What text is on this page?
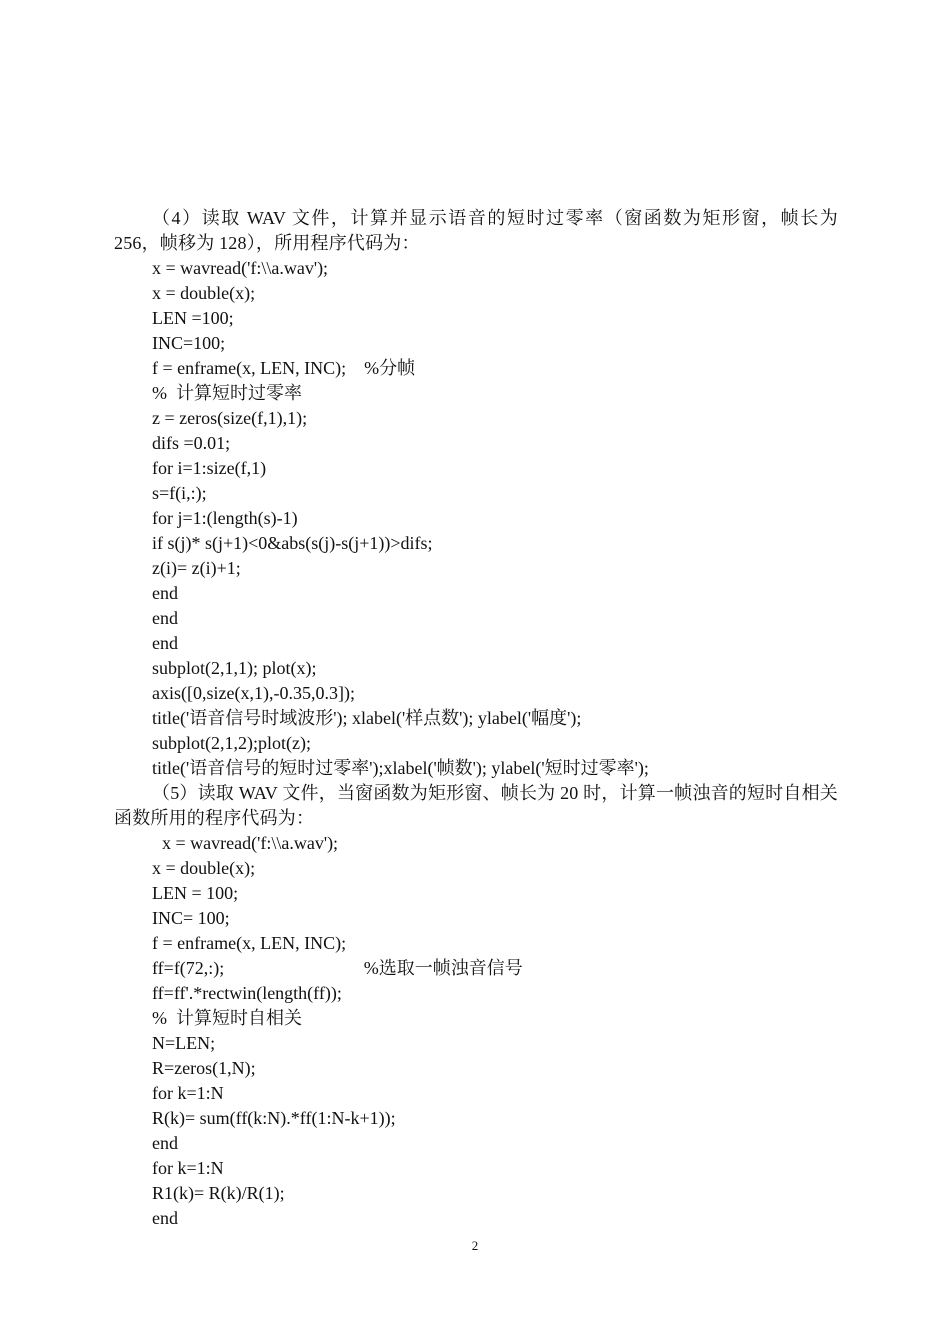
（4）读取 WAV 文件，计算并显示语音的短时过零率（窗函数为矩形窗，帧长为 256，帧移为 128），所用程序代码为：

x = wavread('f:\\a.wav');
x = double(x);
LEN =100;
INC=100;
f = enframe(x, LEN, INC);    %分帧
%  计算短时过零率
z = zeros(size(f,1),1);
difs =0.01;
for i=1:size(f,1)
s=f(i,:);
for j=1:(length(s)-1)
if s(j)* s(j+1)<0&abs(s(j)-s(j+1))>difs;
z(i)= z(i)+1;
end
end
end
subplot(2,1,1); plot(x);
axis([0,size(x,1),-0.35,0.3]);
title('语音信号时域波形'); xlabel('样点数'); ylabel('幅度');
subplot(2,1,2);plot(z);
title('语音信号的短时过零率');xlabel('帧数'); ylabel('短时过零率');

（5）读取 WAV 文件，当窗函数为矩形窗、帧长为 20 时，计算一帧浊音的短时自相关函数所用的程序代码为：

x = wavread('f:\\a.wav');
x = double(x);
LEN = 100;
INC= 100;
f = enframe(x, LEN, INC);
ff=f(72,:);                               %选取一帧浊音信号
ff=ff'.*rectwin(length(ff));
%  计算短时自相关
N=LEN;
R=zeros(1,N);
for k=1:N
R(k)= sum(ff(k:N).*ff(1:N-k+1));
end
for k=1:N
R1(k)= R(k)/R(1);
end
2
